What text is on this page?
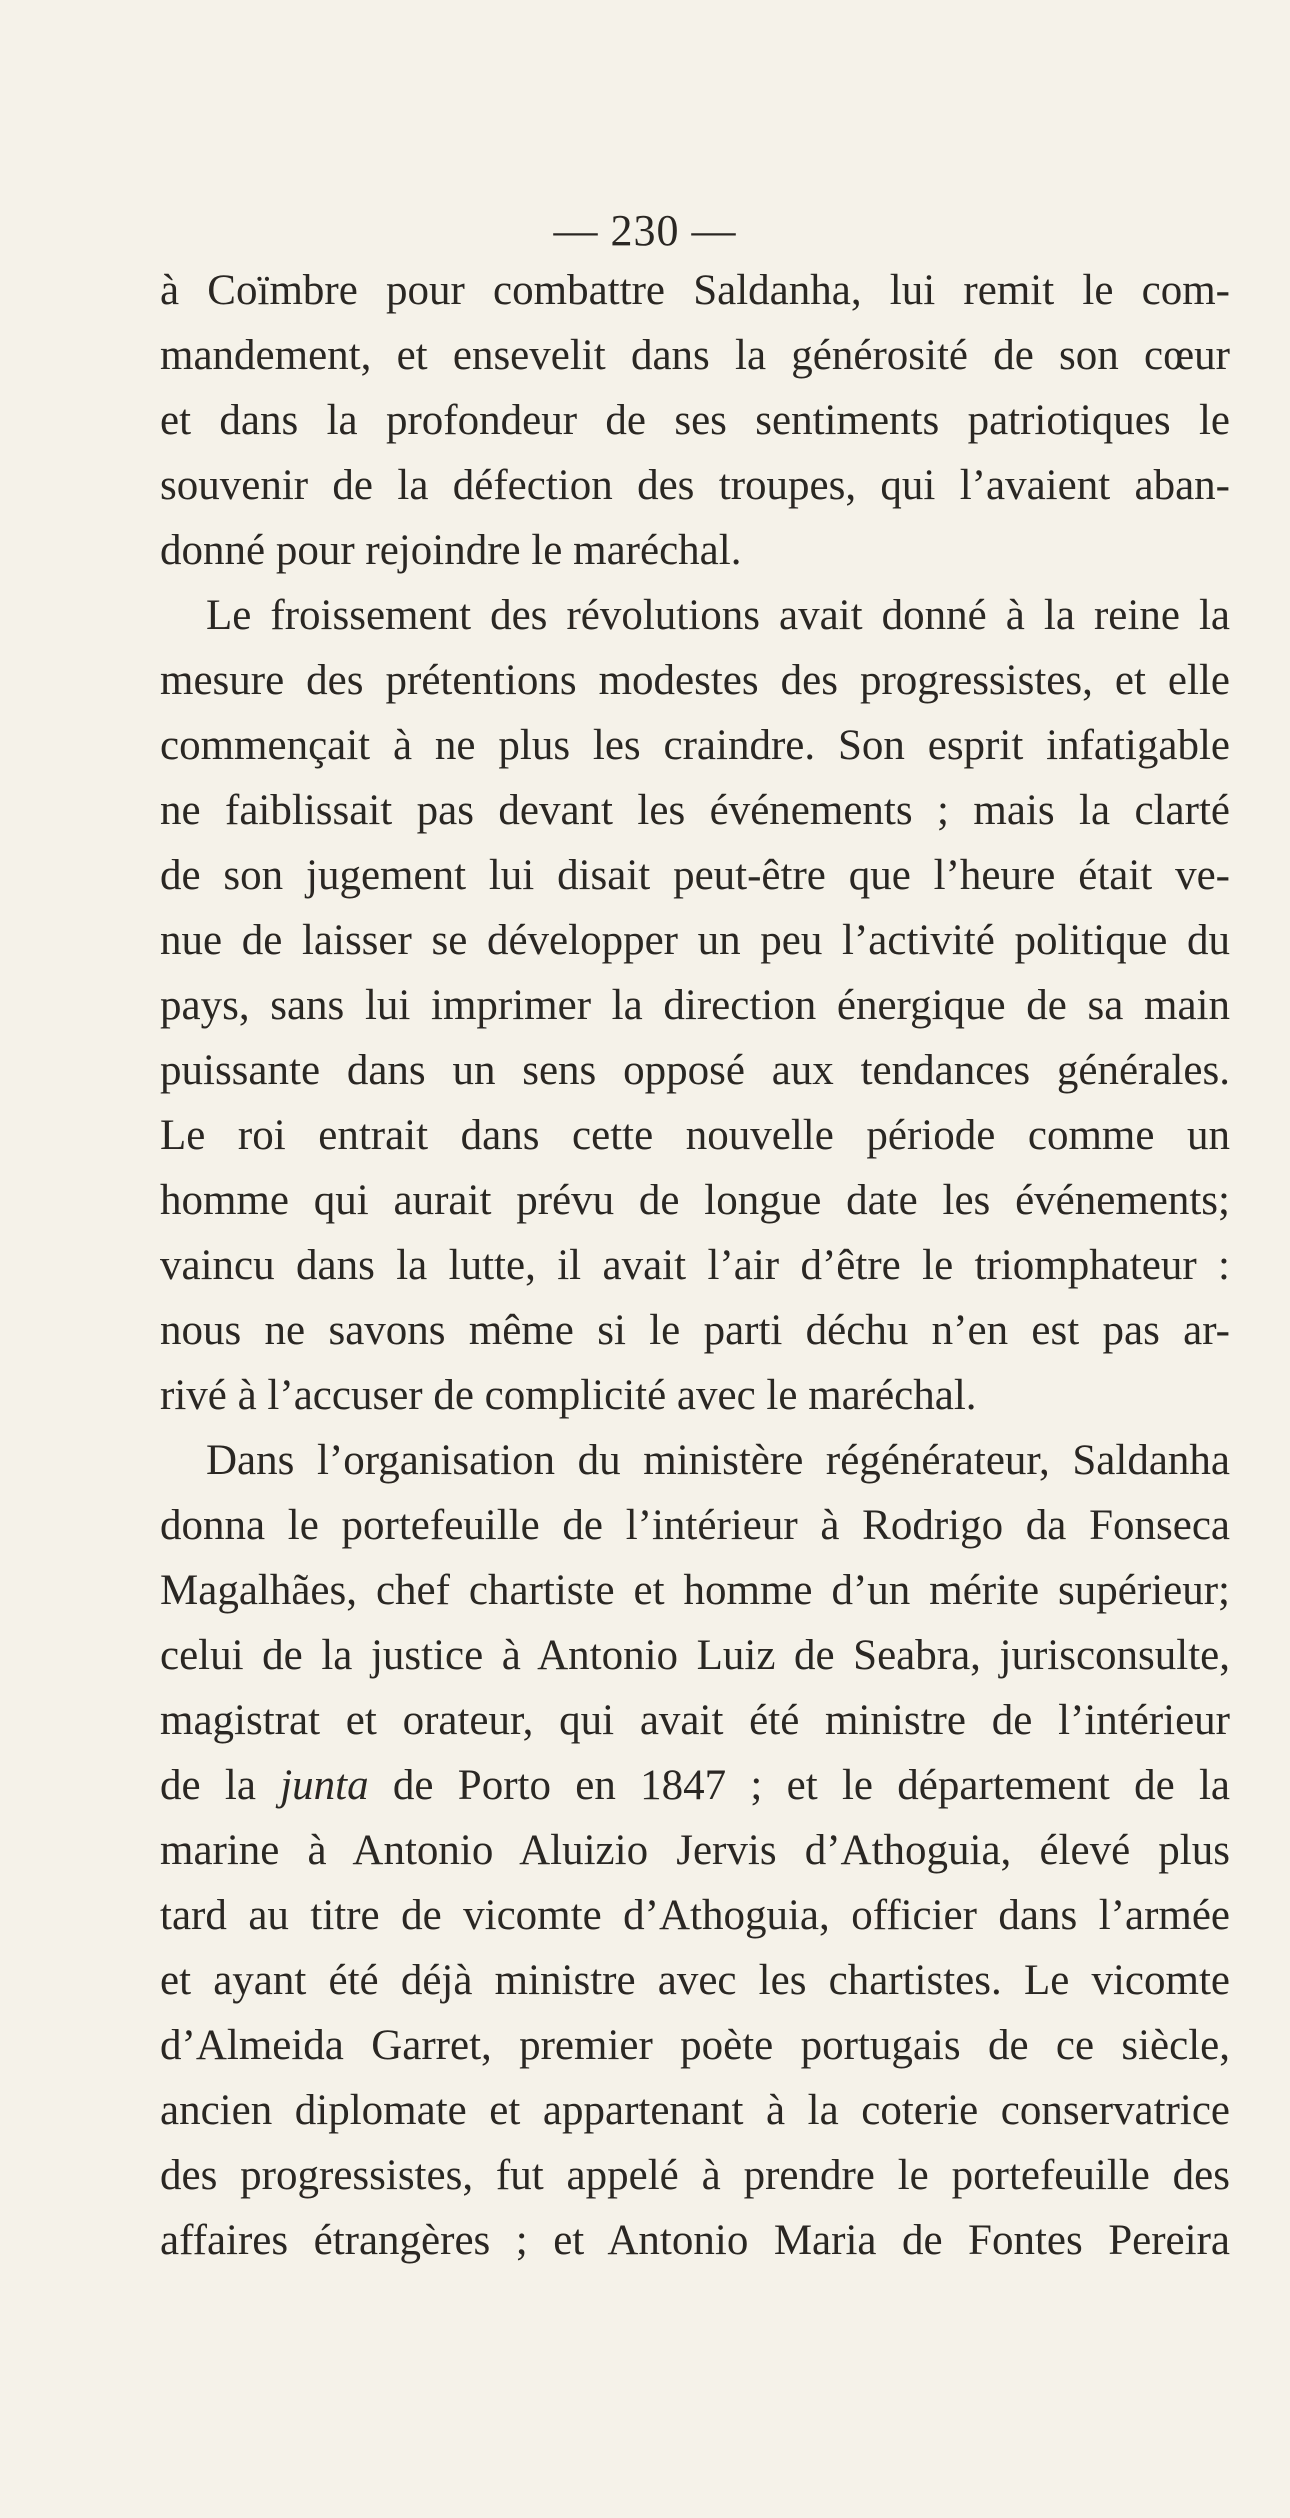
— 230 —
à Coïmbre pour combattre Saldanha, lui remit le com-
mandement, et ensevelit dans la générosité de son cœur
et dans la profondeur de ses sentiments patriotiques le
souvenir de la défection des troupes, qui l’avaient aban-
donné pour rejoindre le maréchal.
Le froissement des révolutions avait donné à la reine la
mesure des prétentions modestes des progressistes, et elle
commençait à ne plus les craindre. Son esprit infatigable
ne faiblissait pas devant les événements ; mais la clarté
de son jugement lui disait peut-être que l’heure était ve-
nue de laisser se développer un peu l’activité politique du
pays, sans lui imprimer la direction énergique de sa main
puissante dans un sens opposé aux tendances générales.
Le roi entrait dans cette nouvelle période comme un
homme qui aurait prévu de longue date les événements;
vaincu dans la lutte, il avait l’air d’être le triomphateur :
nous ne savons même si le parti déchu n’en est pas ar-
rivé à l’accuser de complicité avec le maréchal.
Dans l’organisation du ministère régénérateur, Saldanha
donna le portefeuille de l’intérieur à Rodrigo da Fonseca
Magalhães, chef chartiste et homme d’un mérite supérieur;
celui de la justice à Antonio Luiz de Seabra, jurisconsulte,
magistrat et orateur, qui avait été ministre de l’intérieur
de la junta de Porto en 1847 ; et le département de la
marine à Antonio Aluizio Jervis d’Athoguia, élevé plus
tard au titre de vicomte d’Athoguia, officier dans l’armée
et ayant été déjà ministre avec les chartistes. Le vicomte
d’Almeida Garret, premier poète portugais de ce siècle,
ancien diplomate et appartenant à la coterie conservatrice
des progressistes, fut appelé à prendre le portefeuille des
affaires étrangères ; et Antonio Maria de Fontes Pereira
